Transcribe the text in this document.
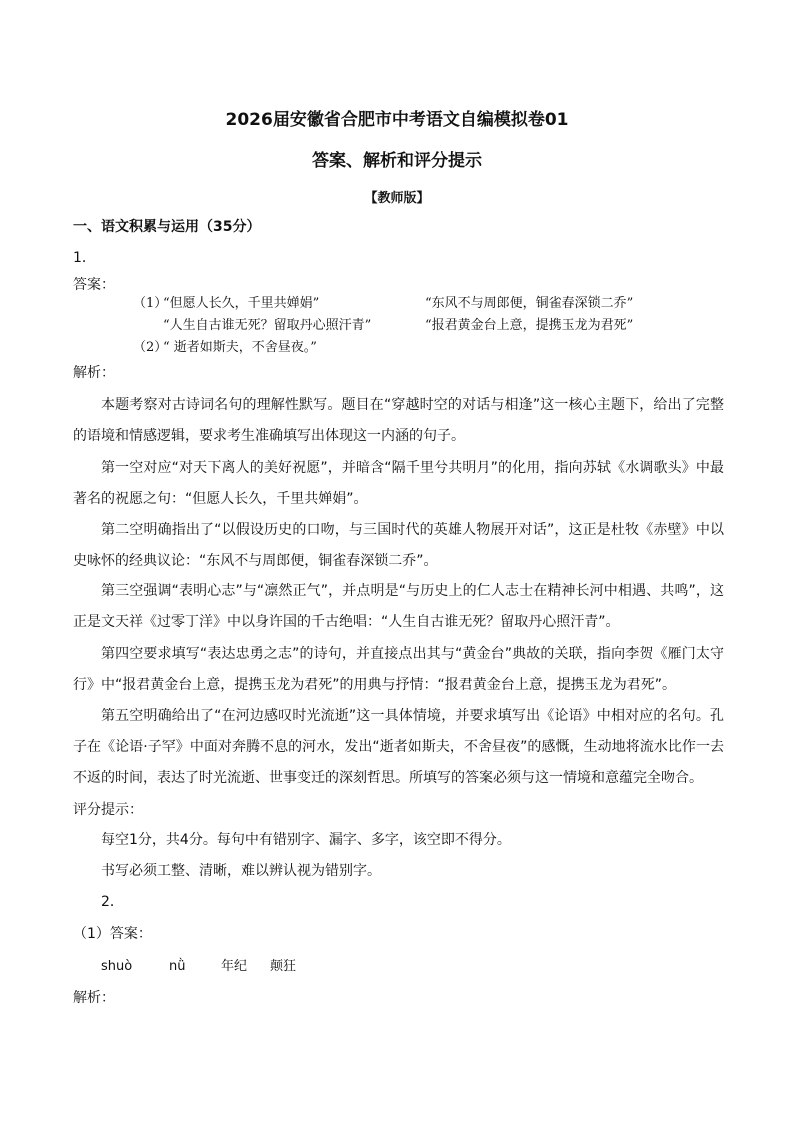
2026届安徽省合肥市中考语文自编模拟卷01
答案、解析和评分提示
【教师版】
一、语文积累与运用（35分）
1．
答案：
（1）
“但愿人长久，千里共婵娟”	“东风不与周郎便，铜雀春深锁二乔”
“人生自古谁无死？留取丹心照汗青”	“报君黄金台上意，提携玉龙为君死”
（2）
“ 逝者如斯夫，不舍昼夜。”
解析：
本题考察对古诗词名句的理解性默写。题目在“穿越时空的对话与相逢”这一核心主题下，给出了完整的语境和情感逻辑，要求考生准确填写出体现这一内涵的句子。
第一空对应“对天下离人的美好祝愿”，并暗含“隔千里兮共明月”的化用，指向苏轼《水调歌头》中最著名的祝愿之句：“但愿人长久，千里共婵娟”。
第二空明确指出了“以假设历史的口吻，与三国时代的英雄人物展开对话”，这正是杜牧《赤壁》中以史咏怀的经典议论：“东风不与周郎便，铜雀春深锁二乔”。
第三空强调“表明心志”与“凛然正气”，并点明是“与历史上的仁人志士在精神长河中相遇、共鸣”，这正是文天祥《过零丁洋》中以身许国的千古绝唱：“人生自古谁无死？留取丹心照汗青”。
第四空要求填写“表达忠勇之志”的诗句，并直接点出其与“黄金台”典故的关联，指向李贺《雁门太守行》中“报君黄金台上意，提携玉龙为君死”的用典与抒情：“报君黄金台上意，提携玉龙为君死”。
第五空明确给出了“在河边感叹时光流逝”这一具体情境，并要求填写出《论语》中相对应的名句。孔子在《论语·子罕》中面对奔腾不息的河水，发出“逝者如斯夫，不舍昼夜”的感慨，生动地将流水比作一去不返的时间，表达了时光流逝、世事变迁的深刻哲思。所填写的答案必须与这一情境和意蕴完全吻合。
评分提示：
每空1分，共4分。每句中有错别字、漏字、多字，该空即不得分。
书写必须工整、清晰，难以辨认视为错别字。
2．
（1）答案：
shuò	nǜ	年纪 颠狂
解析：
